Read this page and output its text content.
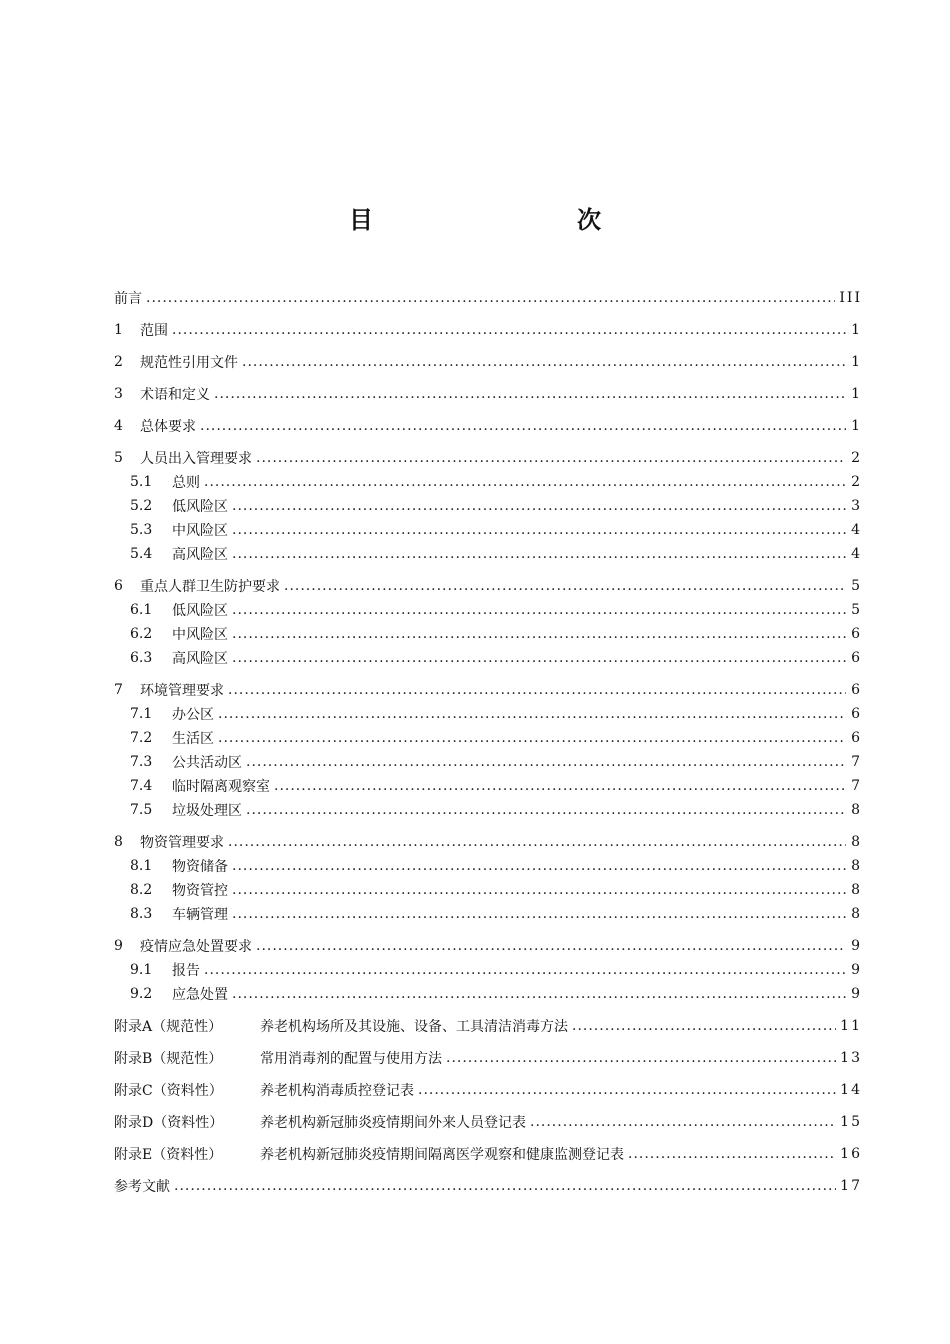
目　　次
前言 .....	III
1	范围 .....	1
2	规范性引用文件 .....	1
3	术语和定义 .....	1
4	总体要求 .....	1
5	人员出入管理要求 .....	2
5.1	总则 .....	2
5.2	低风险区 .....	3
5.3	中风险区 .....	4
5.4	高风险区 .....	4
6	重点人群卫生防护要求 .....	5
6.1	低风险区 .....	5
6.2	中风险区 .....	6
6.3	高风险区 .....	6
7	环境管理要求 .....	6
7.1	办公区 .....	6
7.2	生活区 .....	6
7.3	公共活动区 .....	7
7.4	临时隔离观察室 .....	7
7.5	垃圾处理区 .....	8
8	物资管理要求 .....	8
8.1	物资储备 .....	8
8.2	物资管控 .....	8
8.3	车辆管理 .....	8
9	疫情应急处置要求 .....	9
9.1	报告 .....	9
9.2	应急处置 .....	9
附录A（规范性）	养老机构场所及其设施、设备、工具清洁消毒方法 .....	11
附录B（规范性）	常用消毒剂的配置与使用方法 .....	13
附录C（资料性）	养老机构消毒质控登记表 .....	14
附录D（资料性）	养老机构新冠肺炎疫情期间外来人员登记表 .....	15
附录E（资料性）	养老机构新冠肺炎疫情期间隔离医学观察和健康监测登记表 .....	16
参考文献 .....	17
